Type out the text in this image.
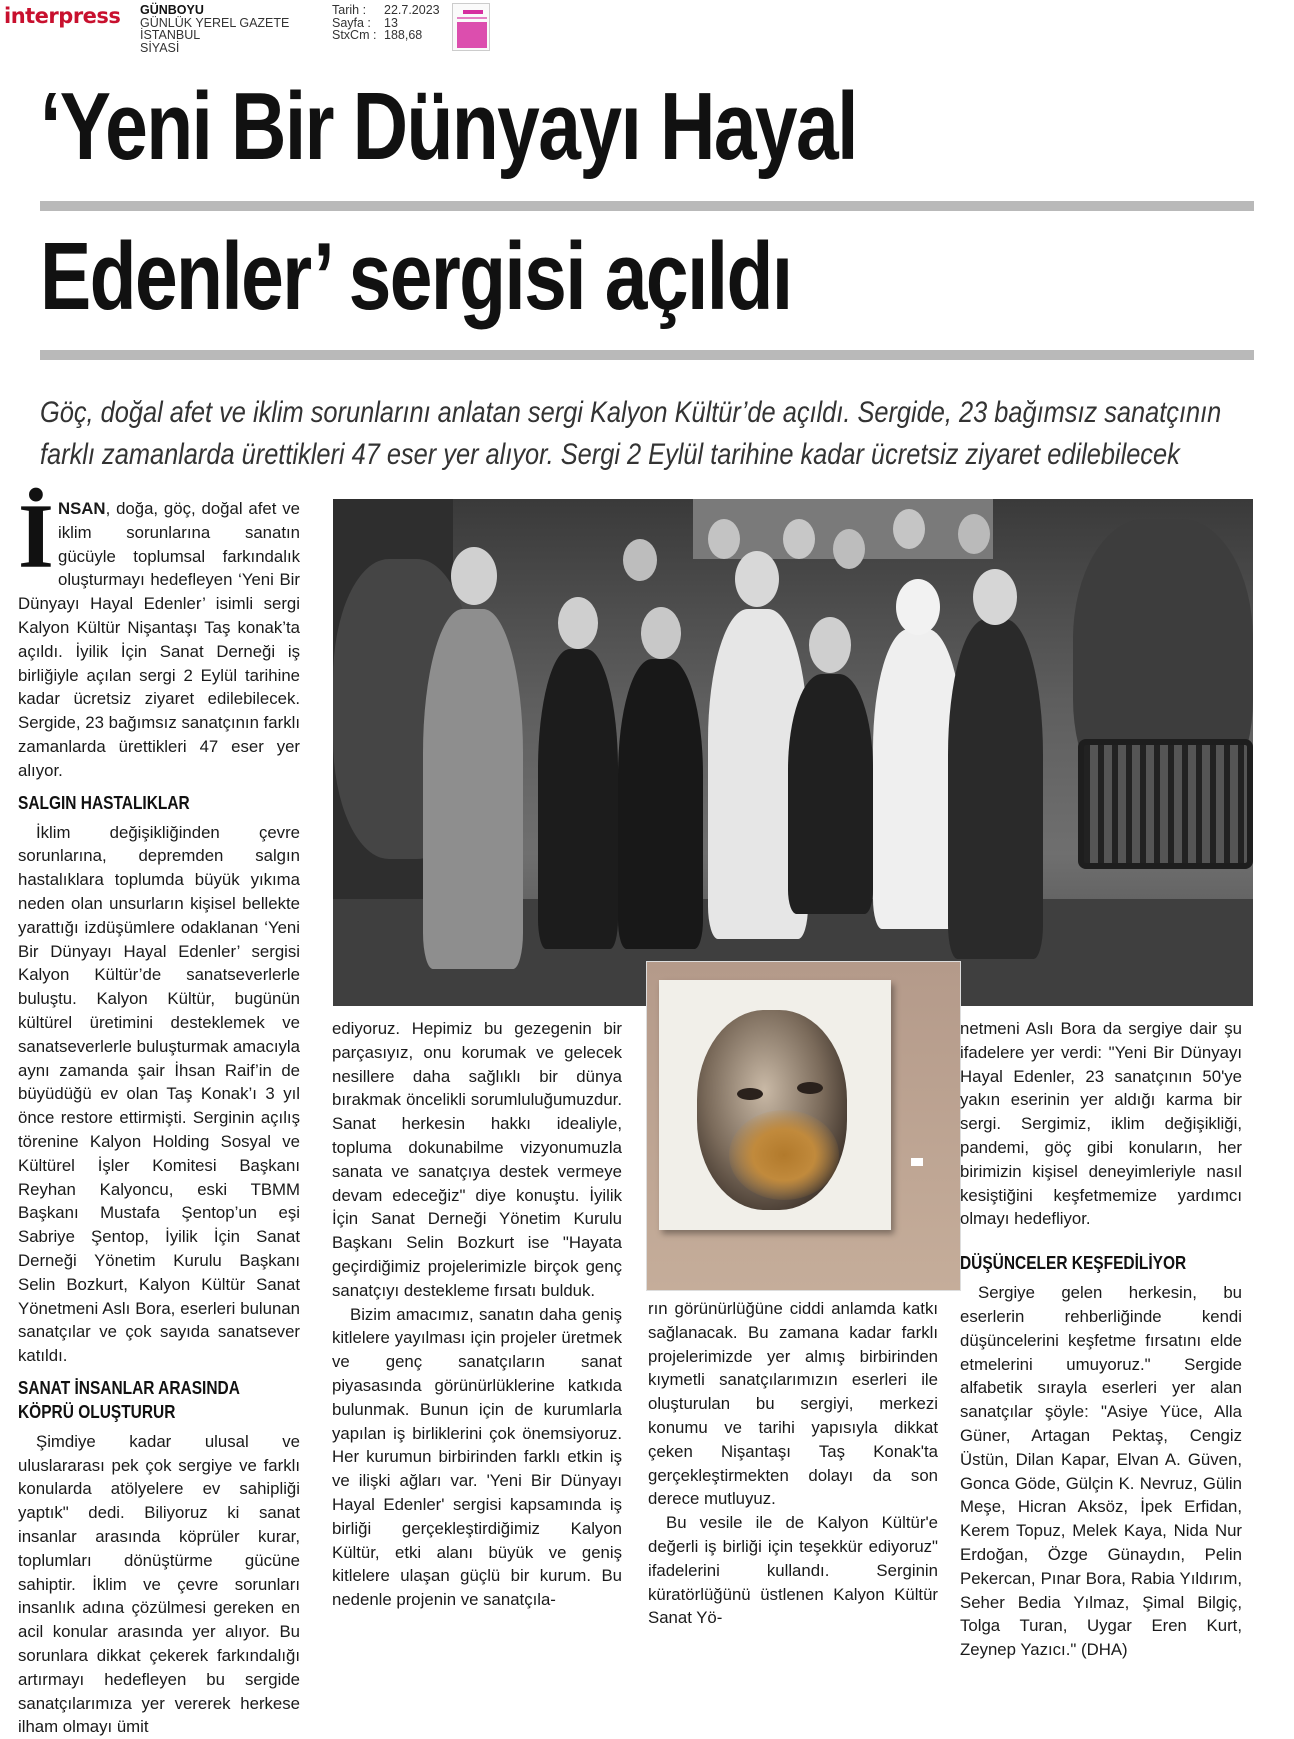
interpress GÜNBOYU
GÜNLÜK YEREL GAZETE
İSTANBUL
SİYASİ
Tarih :	22.7.2023
Sayfa :	13
StxCm : 188,68
‘Yeni Bir Dünyayı Hayal
Edenler’ sergisi açıldı
Göç, doğal afet ve iklim sorunlarını anlatan sergi Kalyon Kültür’de açıldı. Sergide, 23 bağımsız sanatçının
farklı zamanlarda ürettikleri 47 eser yer alıyor. Sergi 2 Eylül tarihine kadar ücretsiz ziyaret edilebilecek
İ NSAN, doğa, göç, doğal afet ve iklim sorunlarına sanatın gücüyle toplumsal farkındalık oluşturmayı hedefleyen ‘Yeni Bir Dünyayı Hayal Edenler’ isimli sergi Kalyon Kültür Nişantaşı Taş konak’ta açıldı. İyilik İçin Sanat Derneği iş birliğiyle açılan sergi 2 Eylül tarihine kadar ücretsiz ziyaret edilebilecek. Sergide, 23 bağımsız sanatçının farklı zamanlarda ürettikleri 47 eser yer alıyor.

SALGIN HASTALIKLAR

İklim değişikliğinden çevre sorunlarına, depremden salgın hastalıklara toplumda büyük yıkıma neden olan unsurların kişisel bellekte yarattığı izdüşümlere odaklanan ‘Yeni Bir Dünyayı Hayal Edenler’ sergisi Kalyon Kültür’de sanatseverlerle buluştu. Kalyon Kültür, bugünün kültürel üretimini desteklemek ve sanatseverlerle buluşturmak amacıyla aynı zamanda şair İhsan Raif’in de büyüdüğü ev olan Taş Konak’ı 3 yıl önce restore ettirmişti. Serginin açılış törenine Kalyon Holding Sosyal ve Kültürel İşler Komitesi Başkanı Reyhan Kalyoncu, eski TBMM Başkanı Mustafa Şentop’un eşi Sabriye Şentop, İyilik İçin Sanat Derneği Yönetim Kurulu Başkanı Selin Bozkurt, Kalyon Kültür Sanat Yönetmeni Aslı Bora, eserleri bulunan sanatçılar ve çok sayıda sanatsever katıldı.

SANAT İNSANLAR ARASINDA
KÖPRÜ OLUŞTURUR

Şimdiye kadar ulusal ve uluslararası pek çok sergiye ve farklı konularda atölyelere ev sahipliği yaptık" dedi. Biliyoruz ki sanat insanlar arasında köprüler kurar, toplumları dönüştürme gücüne sahiptir. İklim ve çevre sorunları insanlık adına çözülmesi gereken en acil konular arasında yer alıyor. Bu sorunlara dikkat çekerek farkındalığı artırmayı hedefleyen bu sergide sanatçılarımıza yer vererek herkese ilham olmayı ümit

ediyoruz. Hepimiz bu gezegenin bir parçasıyız, onu korumak ve gelecek nesillere daha sağlıklı bir dünya bırakmak öncelikli sorumluluğumuzdur. Sanat herkesin hakkı idealiyle, topluma dokunabilme vizyonumuzla sanata ve sanatçıya destek vermeye devam edeceğiz" diye konuştu. İyilik İçin Sanat Derneği Yönetim Kurulu Başkanı Selin Bozkurt ise "Hayata geçirdiğimiz projelerimizle birçok genç sanatçıyı destekleme fırsatı bulduk.

Bizim amacımız, sanatın daha geniş kitlelere yayılması için projeler üretmek ve genç sanatçıların sanat piyasasında görünürlüklerine katkıda bulunmak. Bunun için de kurumlarla yapılan iş birliklerini çok önemsiyoruz. Her kurumun birbirinden farklı etkin iş ve ilişki ağları var. 'Yeni Bir Dünyayı Hayal Edenler' sergisi kapsamında iş birliği gerçekleştirdiğimiz Kalyon Kültür, etki alanı büyük ve geniş kitlelere ulaşan güçlü bir kurum. Bu nedenle projenin ve sanatçıla-

rın görünürlüğüne ciddi anlamda katkı sağlanacak. Bu zamana kadar farklı projelerimizde yer almış birbirinden kıymetli sanatçılarımızın eserleri ile oluşturulan bu sergiyi, merkezi konumu ve tarihi yapısıyla dikkat çeken Nişantaşı Taş Konak'ta gerçekleştirmekten dolayı da son derece mutluyuz.

Bu vesile ile de Kalyon Kültür'e değerli iş birliği için teşekkür ediyoruz" ifadelerini kullandı. Serginin küratörlüğünü üstlenen Kalyon Kültür Sanat Yö-

netmeni Aslı Bora da sergiye dair şu ifadelere yer verdi: "Yeni Bir Dünyayı Hayal Edenler, 23 sanatçının 50'ye yakın eserinin yer aldığı karma bir sergi. Sergimiz, iklim değişikliği, pandemi, göç gibi konuların, her birimizin kişisel deneyimleriyle nasıl kesiştiğini keşfetmemize yardımcı olmayı hedefliyor.

DÜŞÜNCELER KEŞFEDİLİYOR

Sergiye gelen herkesin, bu eserlerin rehberliğinde kendi düşüncelerini keşfetme fırsatını elde etmelerini umuyoruz." Sergide alfabetik sırayla eserleri yer alan sanatçılar şöyle: "Asiye Yüce, Alla Güner, Artagan Pektaş, Cengiz Üstün, Dilan Kapar, Elvan A. Güven, Gonca Göde, Gülçin K. Nevruz, Gülin Meşe, Hicran Aksöz, İpek Erfidan, Kerem Topuz, Melek Kaya, Nida Nur Erdoğan, Özge Günaydın, Pelin Pekercan, Pınar Bora, Rabia Yıldırım, Seher Bedia Yılmaz, Şimal Bilgiç, Tolga Turan, Uygar Eren Kurt, Zeynep Yazıcı." (DHA)
